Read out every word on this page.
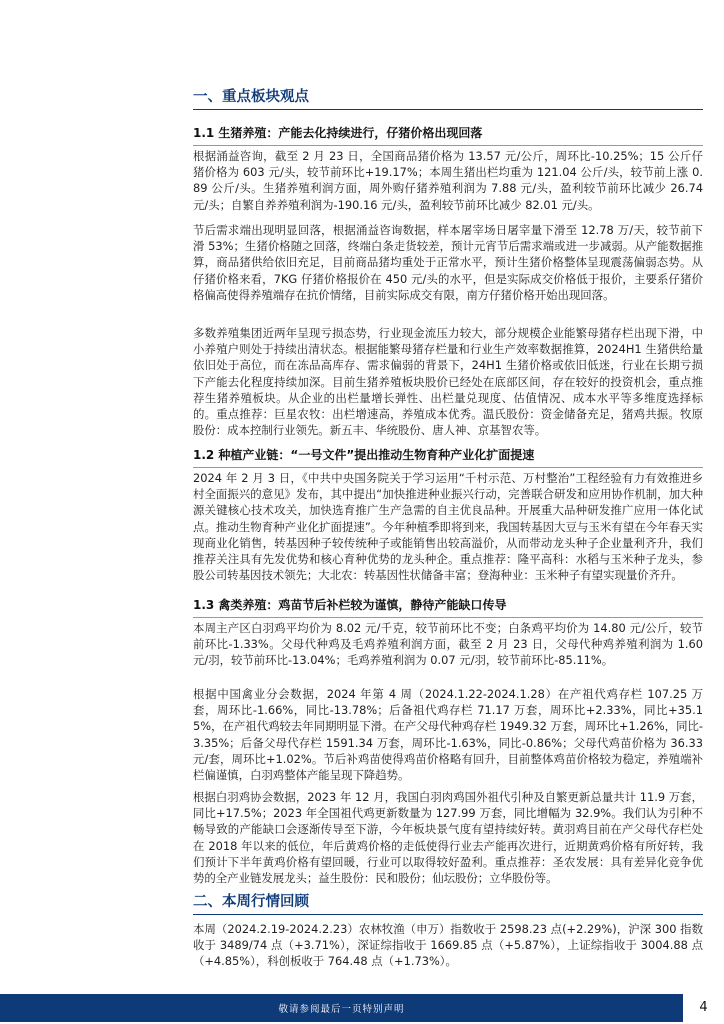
一、重点板块观点
1.1 生猪养殖：产能去化持续进行，仔猪价格出现回落
根据涌益咨询，截至 2 月 23 日，全国商品猪价格为 13.57 元/公斤，周环比-10.25%；15 公斤仔猪价格为 603 元/头，较节前环比+19.17%；本周生猪出栏均重为 121.04 公斤/头，较节前上涨 0.89 公斤/头。生猪养殖利润方面，周外购仔猪养殖利润为 7.88 元/头，盈利较节前环比减少 26.74 元/头；自繁自养养殖利润为-190.16 元/头，盈利较节前环比减少 82.01 元/头。
节后需求端出现明显回落，根据涌益咨询数据，样本屠宰场日屠宰量下滑至 12.78 万/天，较节前下滑 53%；生猪价格随之回落，终端白条走货较差，预计元宵节后需求端或进一步减弱。从产能数据推算，商品猪供给依旧充足，目前商品猪均重处于正常水平，预计生猪价格整体呈现震荡偏弱态势。从仔猪价格来看，7KG 仔猪价格报价在 450 元/头的水平，但是实际成交价格低于报价，主要系仔猪价格偏高使得养殖端存在抗价情绪，目前实际成交有限，南方仔猪价格开始出现回落。
多数养殖集团近两年呈现亏损态势，行业现金流压力较大，部分规模企业能繁母猪存栏出现下滑，中小养殖户则处于持续出清状态。根据能繁母猪存栏量和行业生产效率数据推算，2024H1 生猪供给量依旧处于高位，而在冻品高库存、需求偏弱的背景下，24H1 生猪价格或依旧低迷，行业在长期亏损下产能去化程度持续加深。目前生猪养殖板块股价已经处在底部区间，存在较好的投资机会，重点推荐生猪养殖板块。从企业的出栏量增长弹性、出栏量兑现度、估值情况、成本水平等多维度选择标的。重点推荐：巨星农牧：出栏增速高，养殖成本优秀。温氏股份：资金储备充足，猪鸡共振。牧原股份：成本控制行业领先。新五丰、华统股份、唐人神、京基智农等。
1.2 种植产业链：“一号文件”提出推动生物育种产业化扩面提速
2024 年 2 月 3 日，《中共中央国务院关于学习运用“千村示范、万村整治”工程经验有力有效推进乡村全面振兴的意见》发布，其中提出“加快推进种业振兴行动，完善联合研发和应用协作机制，加大种源关键核心技术攻关，加快选育推广生产急需的自主优良品种。开展重大品种研发推广应用一体化试点。推动生物育种产业化扩面提速”。今年种植季即将到来，我国转基因大豆与玉米有望在今年春天实现商业化销售，转基因种子较传统种子或能销售出较高溢价，从而带动龙头种子企业量利齐升，我们推荐关注具有先发优势和核心育种优势的龙头种企。重点推荐：隆平高科：水稻与玉米种子龙头，参股公司转基因技术领先；大北农：转基因性状储备丰富；登海种业：玉米种子有望实现量价齐升。
1.3 禽类养殖：鸡苗节后补栏较为谨慎，静待产能缺口传导
本周主产区白羽鸡平均价为 8.02 元/千克，较节前环比不变；白条鸡平均价为 14.80 元/公斤，较节前环比-1.33%。父母代种鸡及毛鸡养殖利润方面，截至 2 月 23 日，父母代种鸡养殖利润为 1.60 元/羽，较节前环比-13.04%；毛鸡养殖利润为 0.07 元/羽，较节前环比-85.11%。
根据中国禽业分会数据，2024 年第 4 周（2024.1.22-2024.1.28）在产祖代鸡存栏 107.25 万套，周环比-1.66%，同比-13.78%；后备祖代鸡存栏 71.17 万套，周环比+2.33%，同比+35.15%，在产祖代鸡较去年同期明显下滑。在产父母代种鸡存栏 1949.32 万套，周环比+1.26%，同比-3.35%；后备父母代存栏 1591.34 万套，周环比-1.63%，同比-0.86%；父母代鸡苗价格为 36.33 元/套，周环比+1.02%。节后补鸡苗使得鸡苗价格略有回升，目前整体鸡苗价格较为稳定，养殖端补栏偏谨慎，白羽鸡整体产能呈现下降趋势。
根据白羽鸡协会数据，2023 年 12 月，我国白羽肉鸡国外祖代引种及自繁更新总量共计 11.9 万套，同比+17.5%；2023 年全国祖代鸡更新数量为 127.99 万套，同比增幅为 32.9%。我们认为引种不畅导致的产能缺口会逐渐传导至下游，今年板块景气度有望持续好转。黄羽鸡目前在产父母代存栏处在 2018 年以来的低位，年后黄鸡价格的走低使得行业去产能再次进行，近期黄鸡价格有所好转，我们预计下半年黄鸡价格有望回暖，行业可以取得较好盈利。重点推荐：圣农发展：具有差异化竞争优势的全产业链发展龙头；益生股份：民和股份；仙坛股份；立华股份等。
二、本周行情回顾
本周（2024.2.19-2024.2.23）农林牧渔（申万）指数收于 2598.23 点(+2.29%)，沪深 300 指数收于 3489/74 点（+3.71%），深证综指收于 1669.85 点（+5.87%），上证综指收于 3004.88 点（+4.85%），科创板收于 764.48 点（+1.73%）。
敬请参阅最后一页特别声明	4
